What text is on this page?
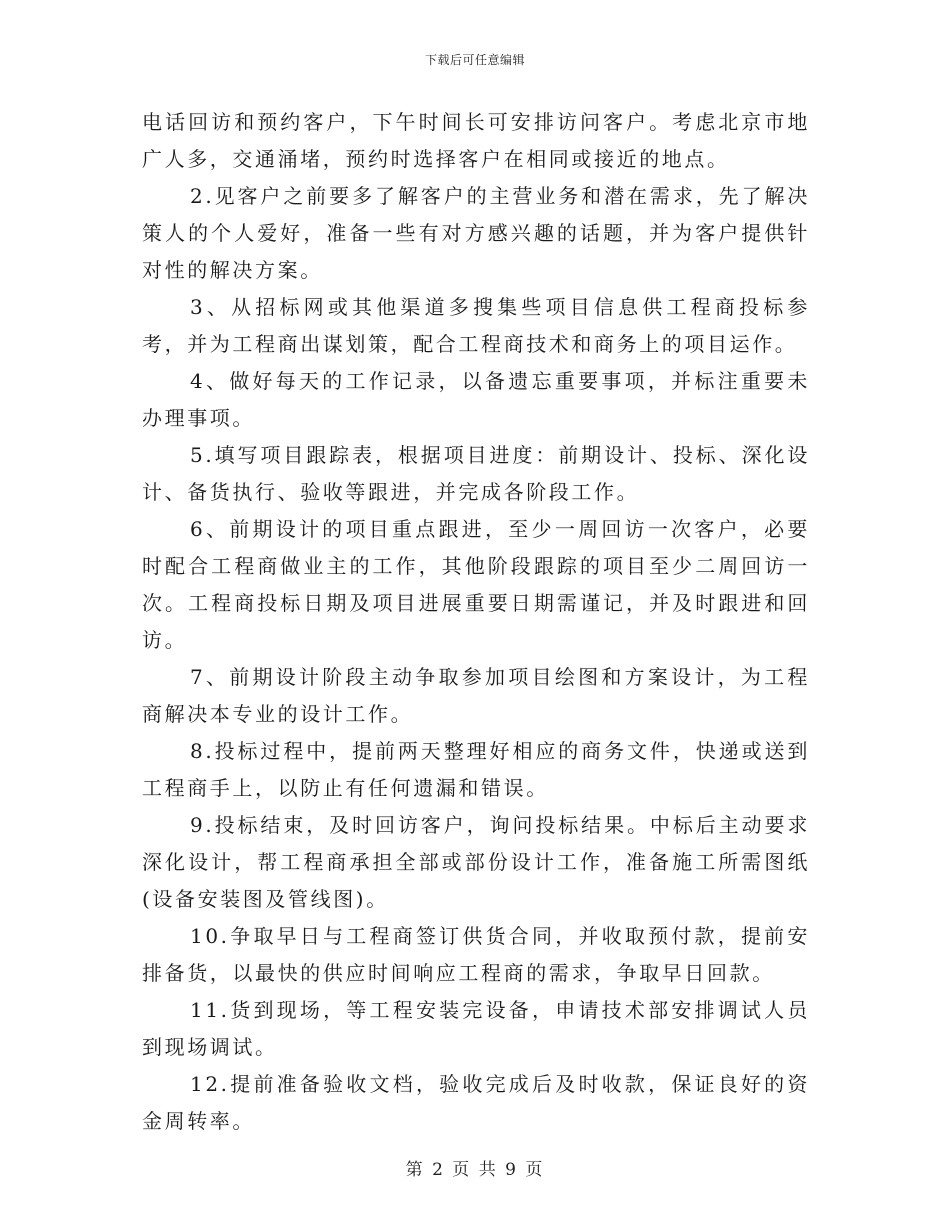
下载后可任意编辑

电话回访和预约客户，下午时间长可安排访问客户。考虑北京市地广人多，交通涌堵，预约时选择客户在相同或接近的地点。

2.见客户之前要多了解客户的主营业务和潜在需求，先了解决策人的个人爱好，准备一些有对方感兴趣的话题，并为客户提供针对性的解决方案。

3、从招标网或其他渠道多搜集些项目信息供工程商投标参考，并为工程商出谋划策，配合工程商技术和商务上的项目运作。

4、做好每天的工作记录，以备遗忘重要事项，并标注重要未办理事项。

5.填写项目跟踪表，根据项目进度：前期设计、投标、深化设计、备货执行、验收等跟进，并完成各阶段工作。

6、前期设计的项目重点跟进，至少一周回访一次客户，必要时配合工程商做业主的工作，其他阶段跟踪的项目至少二周回访一次。工程商投标日期及项目进展重要日期需谨记，并及时跟进和回访。

7、前期设计阶段主动争取参加项目绘图和方案设计，为工程商解决本专业的设计工作。

8.投标过程中，提前两天整理好相应的商务文件，快递或送到工程商手上，以防止有任何遗漏和错误。

9.投标结束，及时回访客户，询问投标结果。中标后主动要求深化设计，帮工程商承担全部或部份设计工作，准备施工所需图纸(设备安装图及管线图)。

10.争取早日与工程商签订供货合同，并收取预付款，提前安排备货，以最快的供应时间响应工程商的需求，争取早日回款。

11.货到现场，等工程安装完设备，申请技术部安排调试人员到现场调试。

12.提前准备验收文档，验收完成后及时收款，保证良好的资金周转率。

第 2 页 共 9 页
